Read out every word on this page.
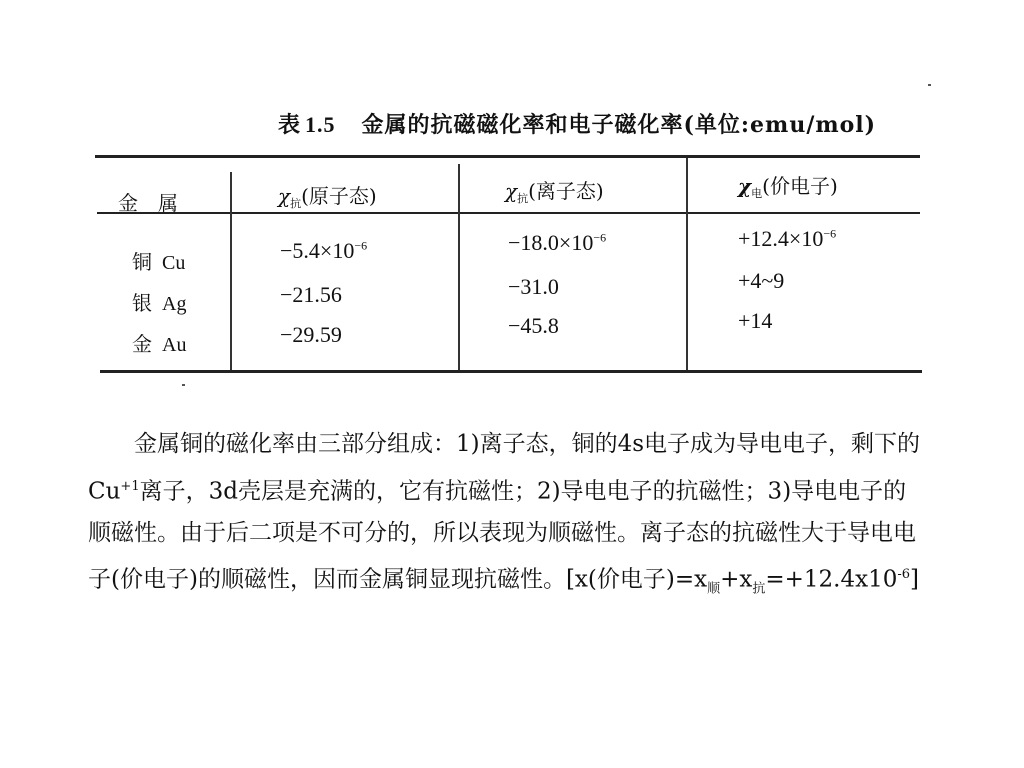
表 1.5 金属的抗磁磁化率和电子磁化率(单位:emu/mol)
金　属	$\chi_抗$(原子态)	$\chi_抗$(离子态)	$\chi_电$(价电子)
铜 Cu	$-5.4\times 10^{-6}$	$-18.0\times 10^{-6}$	$+12.4\times 10^{-6}$
银 Ag	−21.56	−31.0	+4~9
金 Au	−29.59	−45.8	+14
金属铜的磁化率由三部分组成：1)离子态，铜的4s电子成为导电电子，剩下的$Cu^{+1}$离子，3d壳层是充满的，它有抗磁性；2)导电电子的抗磁性；3)导电电子的顺磁性。由于后二项是不可分的，所以表现为顺磁性。离子态的抗磁性大于导电电子(价电子)的顺磁性，因而金属铜显现抗磁性。[x(价电子)$=x_顺+x_抗=+12.4x10^{-6}$]
